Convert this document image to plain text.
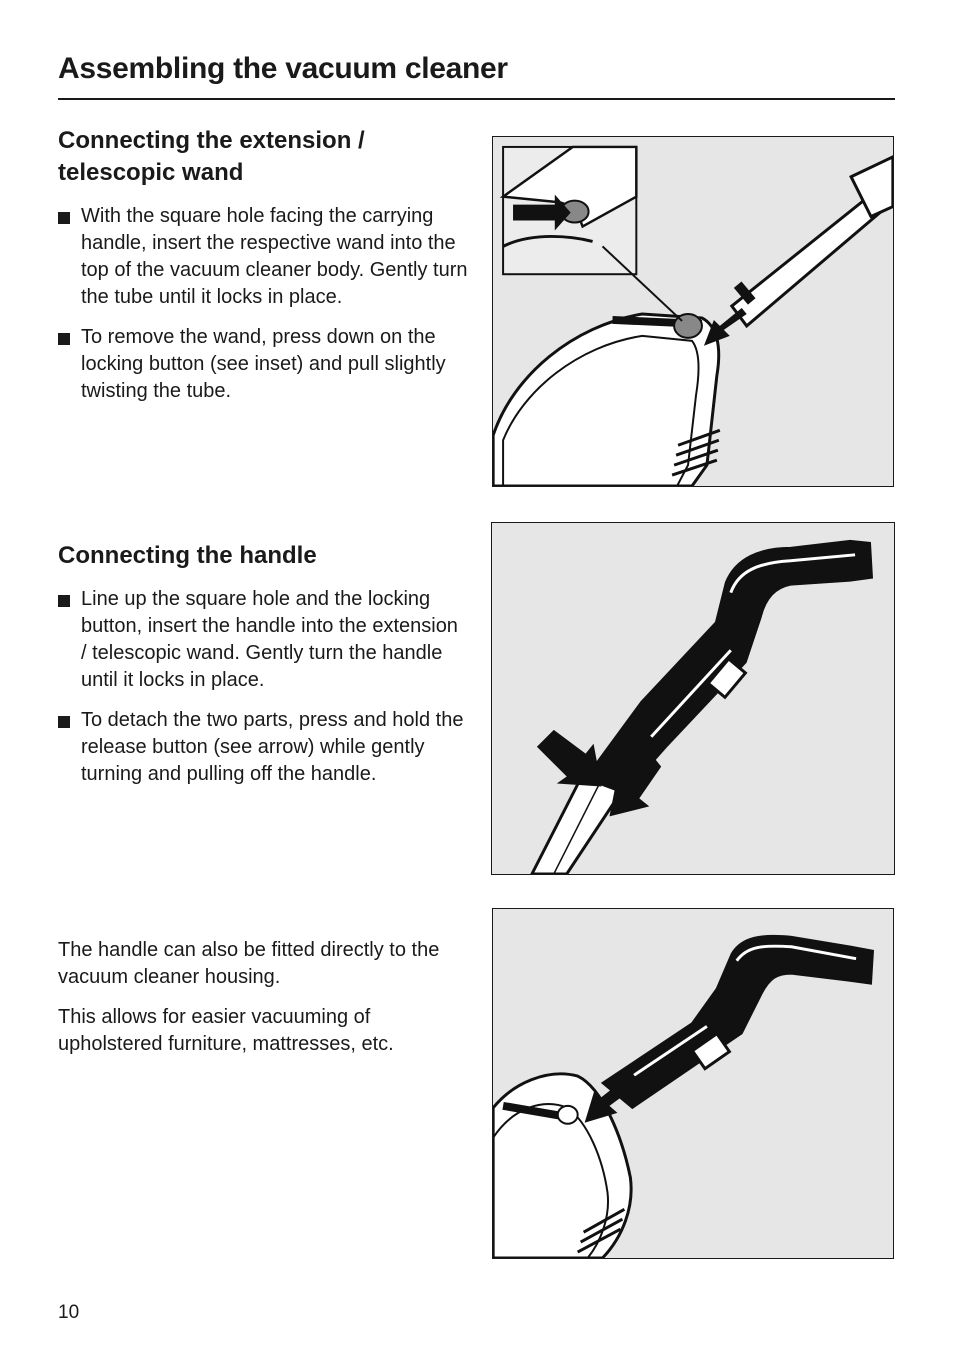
Assembling the vacuum cleaner
Connecting the extension / telescopic wand
With the square hole facing the carrying handle, insert the respective wand into the top of the vacuum cleaner body. Gently turn the tube until it locks in place.
To remove the wand, press down on the locking button (see inset) and pull slightly twisting the tube.
Connecting the handle
Line up the square hole and the locking button, insert the handle into the extension / telescopic wand. Gently turn the handle until it locks in place.
To detach the two parts, press and hold the release button (see arrow) while gently turning and pulling off the handle.

The handle can also be fitted directly to the vacuum cleaner housing.

This allows for easier vacuuming of upholstered furniture, mattresses, etc.

10
